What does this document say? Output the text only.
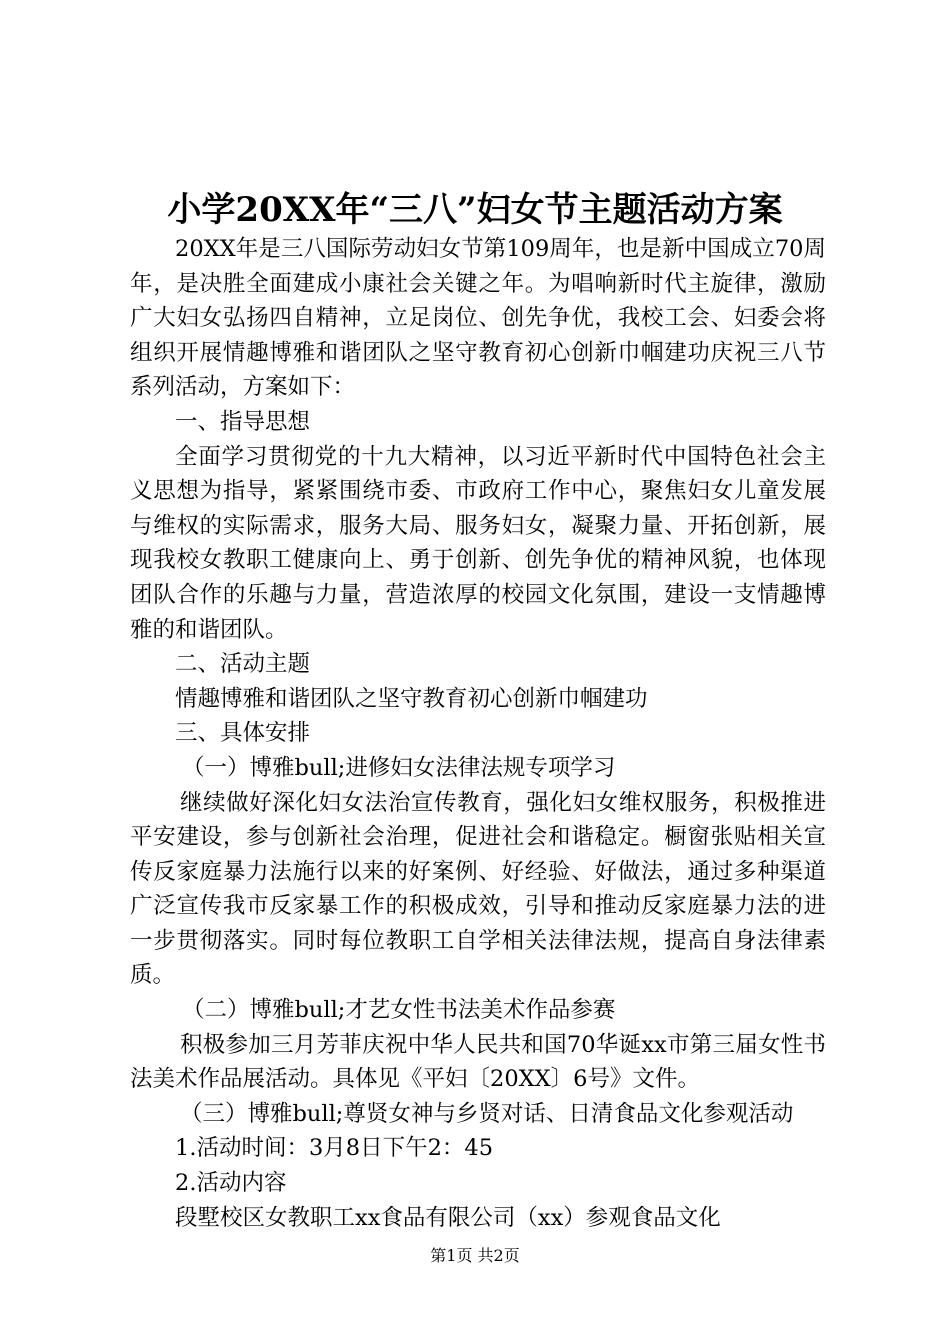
小学20XX年“三八”妇女节主题活动方案

20XX年是三八国际劳动妇女节第109周年，也是新中国成立70周年，是决胜全面建成小康社会关键之年。为唱响新时代主旋律，激励广大妇女弘扬四自精神，立足岗位、创先争优，我校工会、妇委会将组织开展情趣博雅和谐团队之坚守教育初心创新巾帼建功庆祝三八节系列活动，方案如下：

一、指导思想

全面学习贯彻党的十九大精神，以习近平新时代中国特色社会主义思想为指导，紧紧围绕市委、市政府工作中心，聚焦妇女儿童发展与维权的实际需求，服务大局、服务妇女，凝聚力量、开拓创新，展现我校女教职工健康向上、勇于创新、创先争优的精神风貌，也体现团队合作的乐趣与力量，营造浓厚的校园文化氛围，建设一支情趣博雅的和谐团队。

二、活动主题

情趣博雅和谐团队之坚守教育初心创新巾帼建功

三、具体安排

（一）博雅bull;进修妇女法律法规专项学习

继续做好深化妇女法治宣传教育，强化妇女维权服务，积极推进平安建设，参与创新社会治理，促进社会和谐稳定。橱窗张贴相关宣传反家庭暴力法施行以来的好案例、好经验、好做法，通过多种渠道广泛宣传我市反家暴工作的积极成效，引导和推动反家庭暴力法的进一步贯彻落实。同时每位教职工自学相关法律法规，提高自身法律素质。

（二）博雅bull;才艺女性书法美术作品参赛

积极参加三月芳菲庆祝中华人民共和国70华诞xx市第三届女性书法美术作品展活动。具体见《平妇〔20XX〕6号》文件。

（三）博雅bull;尊贤女神与乡贤对话、日清食品文化参观活动

1.活动时间：3月8日下午2：45

2.活动内容

段墅校区女教职工xx食品有限公司（xx）参观食品文化

第1页 共2页
